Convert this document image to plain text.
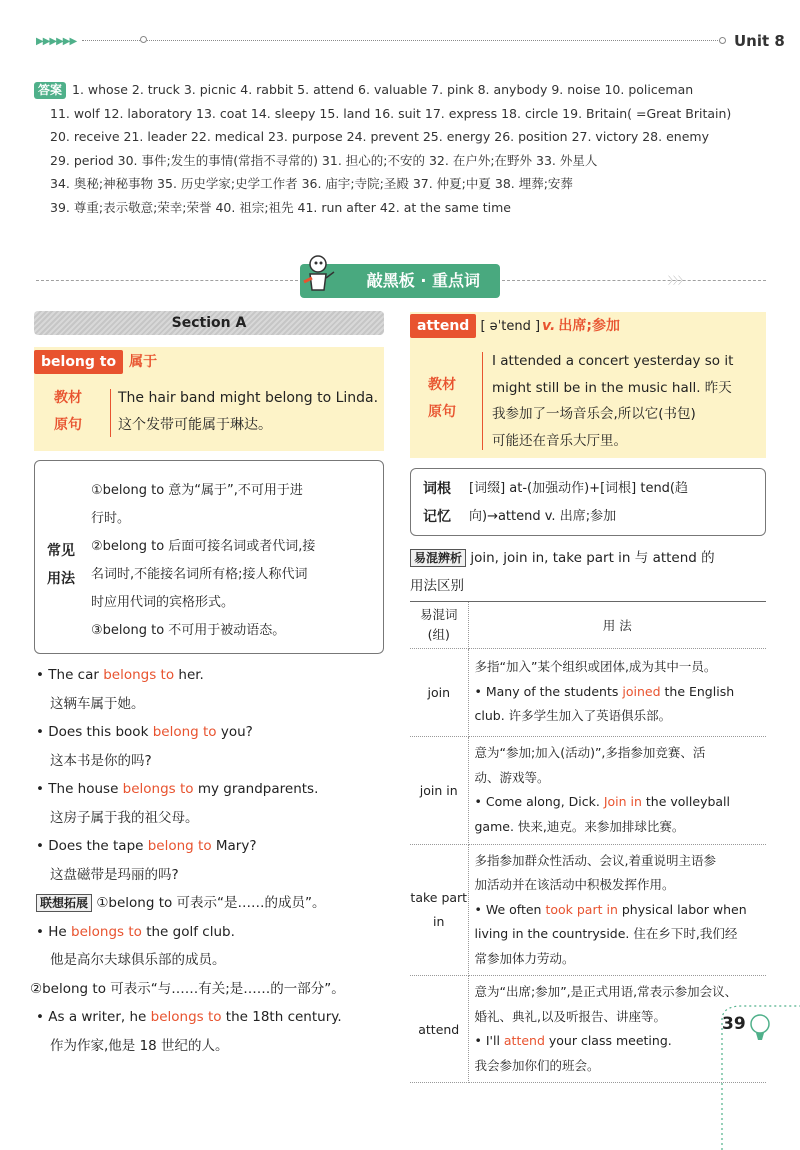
▶▶▶▶▶▶	Unit 8
答案 1. whose 2. truck 3. picnic 4. rabbit 5. attend 6. valuable 7. pink 8. anybody 9. noise 10. policeman
11. wolf 12. laboratory 13. coat 14. sleepy 15. land 16. suit 17. express 18. circle 19. Britain( =Great Britain)
20. receive 21. leader 22. medical 23. purpose 24. prevent 25. energy 26. position 27. victory 28. enemy
29. period 30. 事件;发生的事情(常指不寻常的) 31. 担心的;不安的 32. 在户外;在野外 33. 外星人
34. 奥秘;神秘事物 35. 历史学家;史学工作者 36. 庙宇;寺院;圣殿 37. 仲夏;中夏 38. 埋葬;安葬
39. 尊重;表示敬意;荣幸;荣誉 40. 祖宗;祖先 41. run after 42. at the same time
〉〉〉
敲黑板 · 重点词
Section A
belong to 属于
教材
原句
The hair band might belong to Linda.
这个发带可能属于琳达。
常见
用法
①belong to 意为“属于”,不可用于进
行时。
②belong to 后面可接名词或者代词,接
名词时,不能接名词所有格;接人称代词
时应用代词的宾格形式。
③belong to 不可用于被动语态。
• The car belongs to her.
这辆车属于她。
• Does this book belong to you?
这本书是你的吗?
• The house belongs to my grandparents.
这房子属于我的祖父母。
• Does the tape belong to Mary?
这盘磁带是玛丽的吗?
联想拓展 ①belong to 可表示“是……的成员”。
• He belongs to the golf club.
他是高尔夫球俱乐部的成员。
②belong to 可表示“与……有关;是……的一部分”。
• As a writer, he belongs to the 18th century.
作为作家,他是 18 世纪的人。
attend [ əˈtend ] v. 出席;参加
教材
原句
I attended a concert yesterday so it
might still be in the music hall. 昨天
我参加了一场音乐会,所以它(书包)
可能还在音乐大厅里。
词根
记忆
[词缀] at-(加强动作)+[词根] tend(趋
向)→attend v. 出席;参加
易混辨析 join, join in, take part in 与 attend 的
用法区别
易混词(组)	用 法
join	多指“加入”某个组织或团体,成为其中一员。
• Many of the students joined the English
club. 许多学生加入了英语俱乐部。

join in	意为“参加;加入(活动)”,多指参加竞赛、活
动、游戏等。
• Come along, Dick. Join in the volleyball
game. 快来,迪克。来参加排球比赛。

take part in	多指参加群众性活动、会议,着重说明主语参
加活动并在该活动中积极发挥作用。
• We often took part in physical labor when
living in the countryside. 住在乡下时,我们经
常参加体力劳动。

attend	意为“出席;参加”,是正式用语,常表示参加会议、
婚礼、典礼,以及听报告、讲座等。
• I'll attend your class meeting.
我会参加你们的班会。
39
